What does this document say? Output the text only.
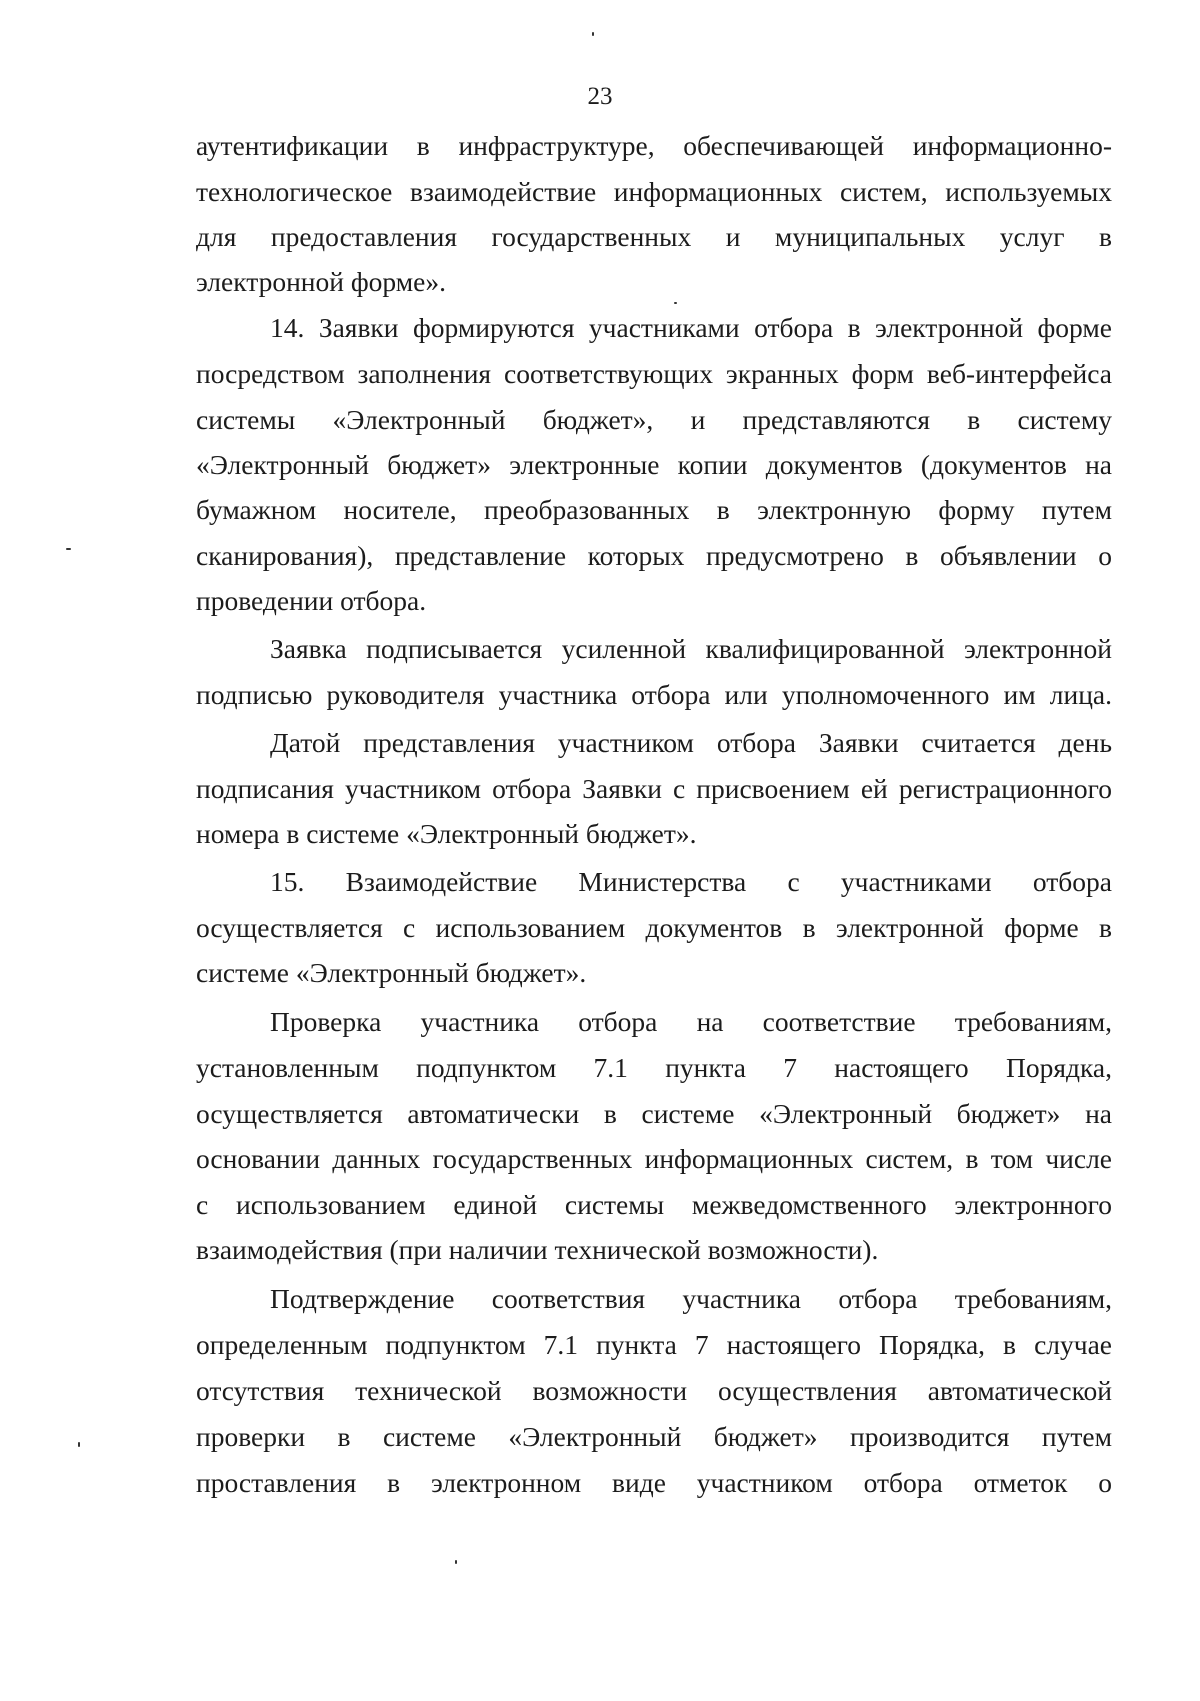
23
аутентификации в инфраструктуре, обеспечивающей информационно-
технологическое взаимодействие информационных систем, используемых
для предоставления государственных и муниципальных услуг в
электронной форме».
14. Заявки формируются участниками отбора в электронной форме
посредством заполнения соответствующих экранных форм веб-интерфейса
системы «Электронный бюджет», и представляются в систему
«Электронный бюджет» электронные копии документов (документов на
бумажном носителе, преобразованных в электронную форму путем
сканирования), представление которых предусмотрено в объявлении о
проведении отбора.
Заявка подписывается усиленной квалифицированной электронной
подписью руководителя участника отбора или уполномоченного им лица.
Датой представления участником отбора Заявки считается день
подписания участником отбора Заявки с присвоением ей регистрационного
номера в системе «Электронный бюджет».
15. Взаимодействие Министерства с участниками отбора
осуществляется с использованием документов в электронной форме в
системе «Электронный бюджет».
Проверка участника отбора на соответствие требованиям,
установленным подпунктом 7.1 пункта 7 настоящего Порядка,
осуществляется автоматически в системе «Электронный бюджет» на
основании данных государственных информационных систем, в том числе
с использованием единой системы межведомственного электронного
взаимодействия (при наличии технической возможности).
Подтверждение соответствия участника отбора требованиям,
определенным подпунктом 7.1 пункта 7 настоящего Порядка, в случае
отсутствия технической возможности осуществления автоматической
проверки в системе «Электронный бюджет» производится путем
проставления в электронном виде участником отбора отметок о
